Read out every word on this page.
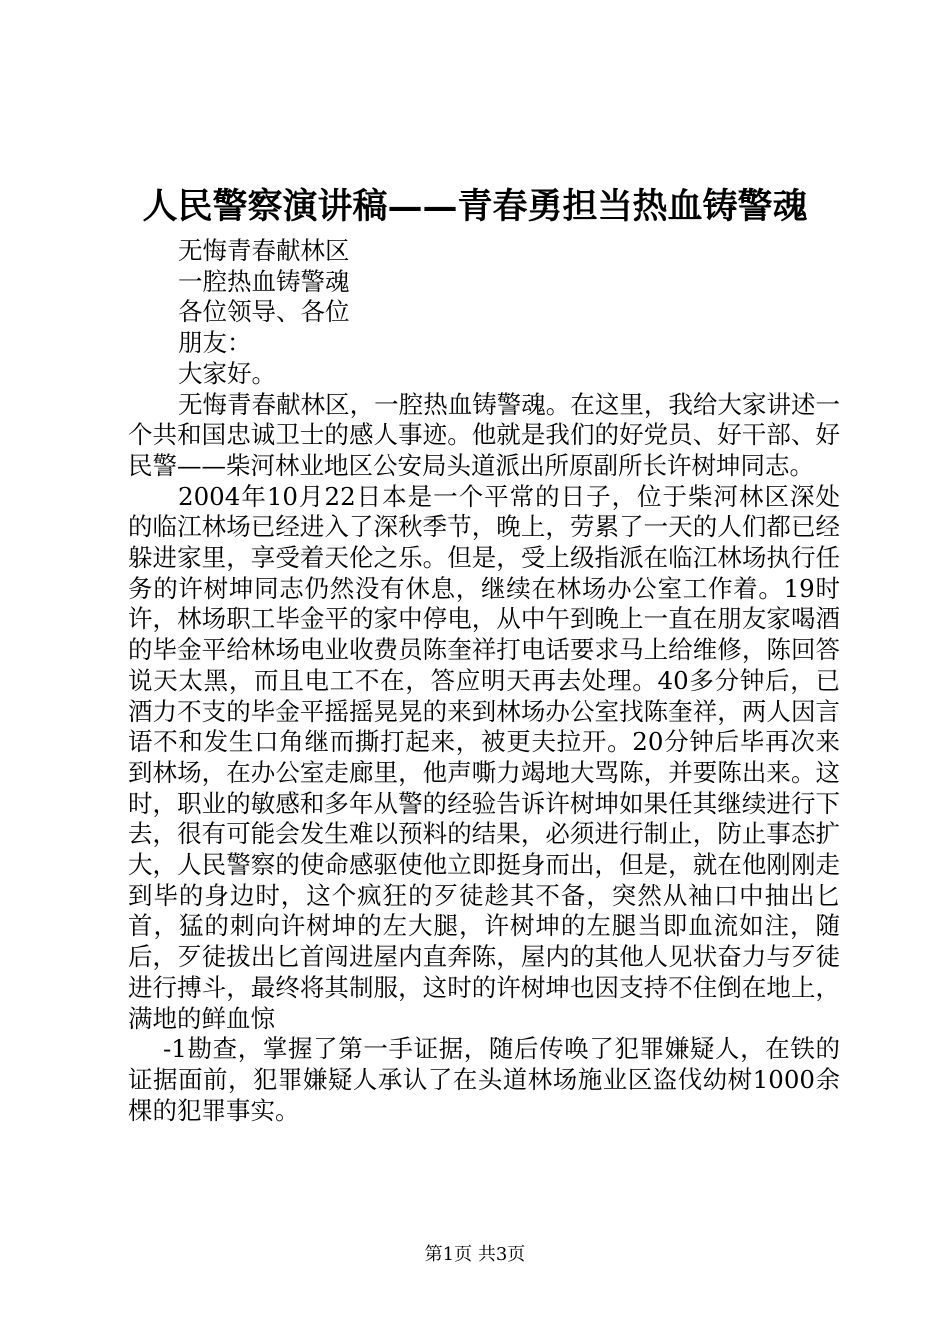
人民警察演讲稿——青春勇担当热血铸警魂

无悔青春献林区

一腔热血铸警魂

各位领导、各位

朋友：

大家好。

无悔青春献林区，一腔热血铸警魂。在这里，我给大家讲述一个共和国忠诚卫士的感人事迹。他就是我们的好党员、好干部、好民警——柴河林业地区公安局头道派出所原副所长许树坤同志。

2004年10月22日本是一个平常的日子，位于柴河林区深处的临江林场已经进入了深秋季节，晚上，劳累了一天的人们都已经躲进家里，享受着天伦之乐。但是，受上级指派在临江林场执行任务的许树坤同志仍然没有休息，继续在林场办公室工作着。19时许，林场职工毕金平的家中停电，从中午到晚上一直在朋友家喝酒的毕金平给林场电业收费员陈奎祥打电话要求马上给维修，陈回答说天太黑，而且电工不在，答应明天再去处理。40多分钟后，已酒力不支的毕金平摇摇晃晃的来到林场办公室找陈奎祥，两人因言语不和发生口角继而撕打起来，被更夫拉开。20分钟后毕再次来到林场，在办公室走廊里，他声嘶力竭地大骂陈，并要陈出来。这时，职业的敏感和多年从警的经验告诉许树坤如果任其继续进行下去，很有可能会发生难以预料的结果，必须进行制止，防止事态扩大，人民警察的使命感驱使他立即挺身而出，但是，就在他刚刚走到毕的身边时，这个疯狂的歹徒趁其不备，突然从袖口中抽出匕首，猛的刺向许树坤的左大腿，许树坤的左腿当即血流如注，随后，歹徒拔出匕首闯进屋内直奔陈，屋内的其他人见状奋力与歹徒进行搏斗，最终将其制服，这时的许树坤也因支持不住倒在地上，满地的鲜血惊

-1勘查，掌握了第一手证据，随后传唤了犯罪嫌疑人，在铁的证据面前，犯罪嫌疑人承认了在头道林场施业区盗伐幼树1000余棵的犯罪事实。

第1页 共3页
